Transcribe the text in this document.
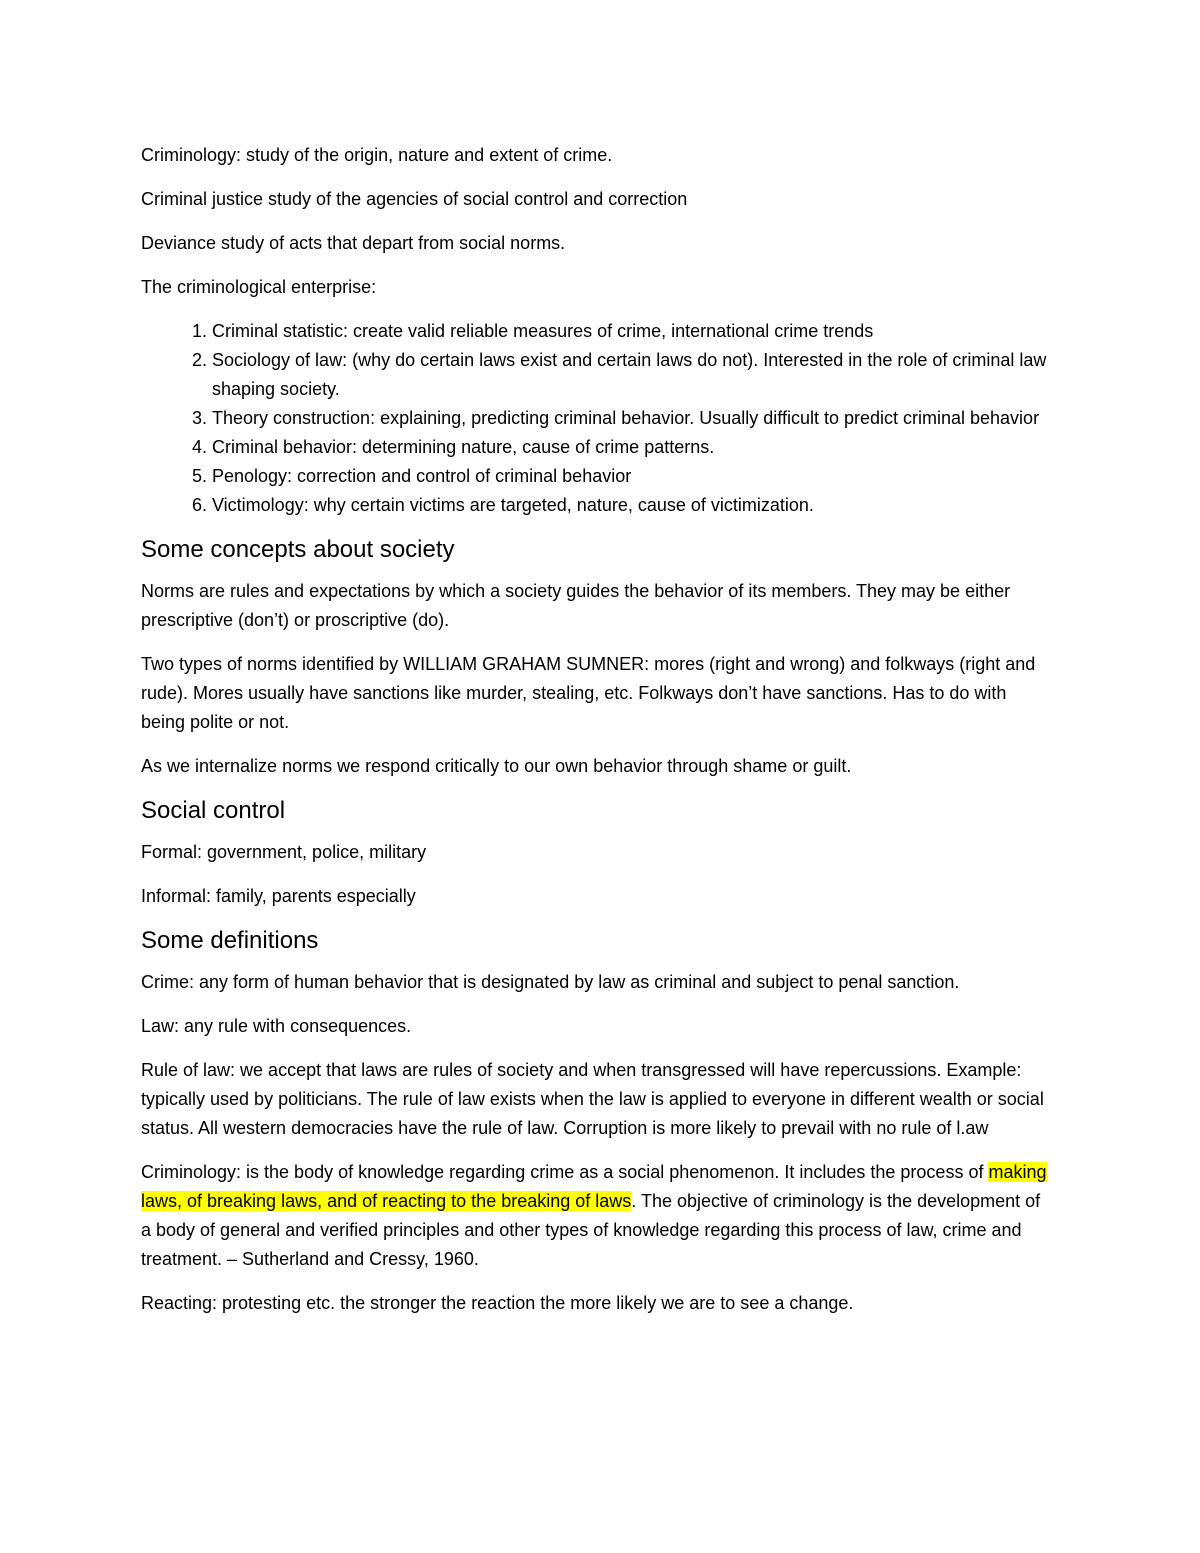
Criminology: study of the origin, nature and extent of crime.

Criminal justice study of the agencies of social control and correction

Deviance study of acts that depart from social norms.

The criminological enterprise:

1. Criminal statistic: create valid reliable measures of crime, international crime trends
2. Sociology of law: (why do certain laws exist and certain laws do not). Interested in the role of criminal law shaping society.
3. Theory construction: explaining, predicting criminal behavior. Usually difficult to predict criminal behavior
4. Criminal behavior: determining nature, cause of crime patterns.
5. Penology: correction and control of criminal behavior
6. Victimology: why certain victims are targeted, nature, cause of victimization.
Some concepts about society

Norms are rules and expectations by which a society guides the behavior of its members. They may be either prescriptive (don’t) or proscriptive (do).

Two types of norms identified by WILLIAM GRAHAM SUMNER: mores (right and wrong) and folkways (right and rude). Mores usually have sanctions like murder, stealing, etc. Folkways don’t have sanctions. Has to do with being polite or not.

As we internalize norms we respond critically to our own behavior through shame or guilt.

Social control

Formal: government, police, military

Informal: family, parents especially

Some definitions

Crime: any form of human behavior that is designated by law as criminal and subject to penal sanction.

Law: any rule with consequences.

Rule of law: we accept that laws are rules of society and when transgressed will have repercussions. Example: typically used by politicians. The rule of law exists when the law is applied to everyone in different wealth or social status. All western democracies have the rule of law. Corruption is more likely to prevail with no rule of l.aw

Criminology: is the body of knowledge regarding crime as a social phenomenon. It includes the process of making laws, of breaking laws, and of reacting to the breaking of laws. The objective of criminology is the development of a body of general and verified principles and other types of knowledge regarding this process of law, crime and treatment. – Sutherland and Cressy, 1960.

Reacting: protesting etc. the stronger the reaction the more likely we are to see a change.
